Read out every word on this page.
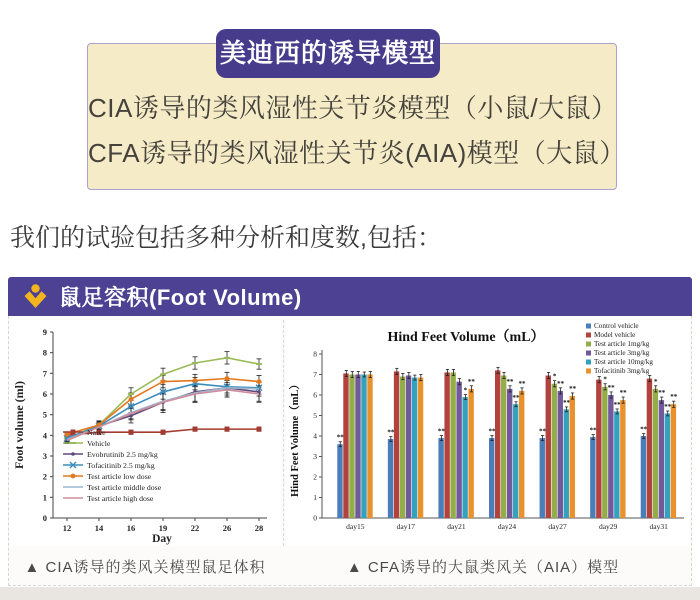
美迪西的诱导模型
CIA诱导的类风湿性关节炎模型（小鼠/大鼠）
CFA诱导的类风湿性关节炎(AIA)模型（大鼠）
我们的试验包括多种分析和度数,包括：
鼠足容积(Foot Volume)
0
1
2
3
4
5
6
7
8
9
12	14	16	19	22	26	28
Day
Foot volume (ml)	Naive
Vehicle
Evobrutinib 2.5 mg/kg
Tofacitinib 2.5 mg/kg
Test article low dose
Test article middle dose
Test article high dose
Hind Feet Volume（mL）
Hind Feet Volume（mL）
0
1
2
3
4
5
6
7
8
day15	day17	day21	day24	day27	day29	day31
**
**	**	**	**	**	**
*	*	*
**	**
**
**
*
**
**	**	**
**	**
**
**
**
Control vehicle
Model vehicle
Test article 1mg/kg
Test article 3mg/kg
Test article 10mg/kg
Tofacitinib 3mg/kg
▲ CIA诱导的类风关模型鼠足体积	▲ CFA诱导的大鼠类风关（AIA）模型
